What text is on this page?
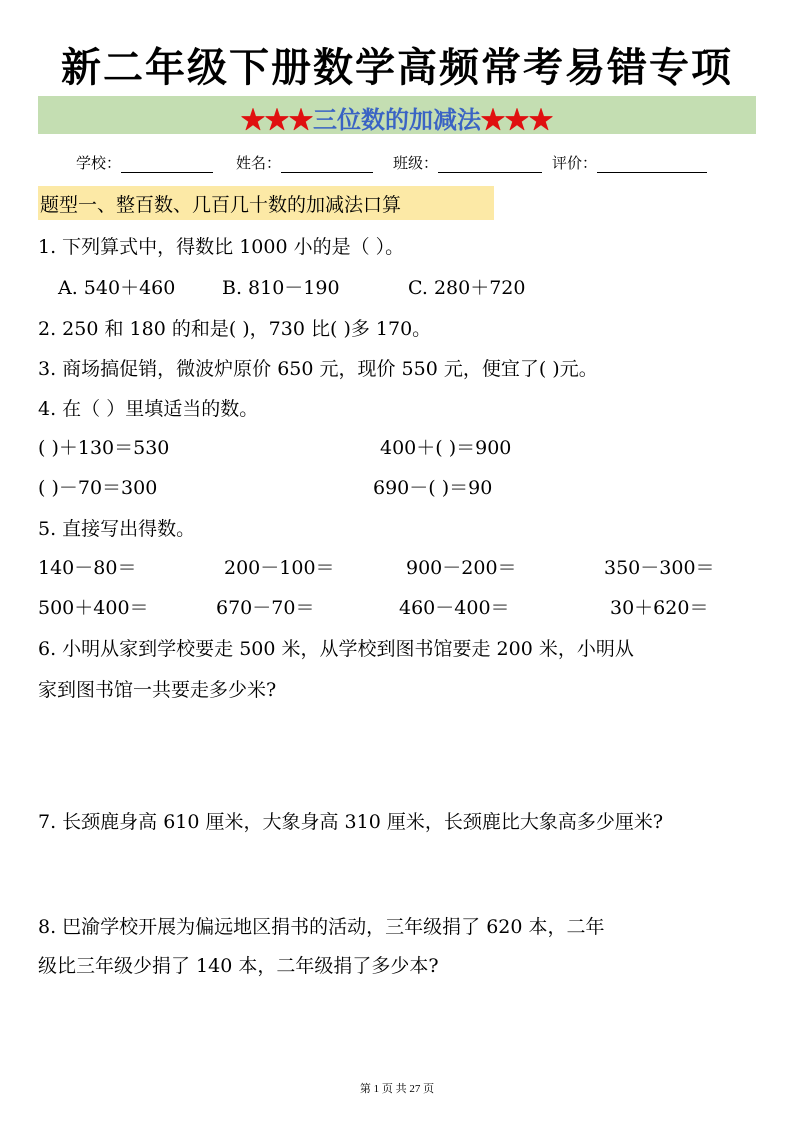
新二年级下册数学高频常考易错专项
★★★三位数的加减法★★★
学校：	姓名：	班级：	评价：
题型一、整百数、几百几十数的加减法口算
1. 下列算式中，得数比 1000 小的是（ ）。
A. 540＋460 B. 810－190	C. 280＋720
2. 250 和 180 的和是( )，730 比( )多 170。
3. 商场搞促销，微波炉原价 650 元，现价 550 元，便宜了( )元。
4. 在（ ）里填适当的数。
( )＋130＝530	400＋( )＝900
( )－70＝300	690－( )＝90
5. 直接写出得数。
140－80＝	200－100＝	900－200＝	350－300＝
500＋400＝	670－70＝	460－400＝	30＋620＝
6. 小明从家到学校要走 500 米，从学校到图书馆要走 200 米，小明从
家到图书馆一共要走多少米?
7. 长颈鹿身高 610 厘米，大象身高 310 厘米，长颈鹿比大象高多少厘米?
8. 巴渝学校开展为偏远地区捐书的活动，三年级捐了 620 本，二年
级比三年级少捐了 140 本，二年级捐了多少本?
第 1 页 共 27 页
